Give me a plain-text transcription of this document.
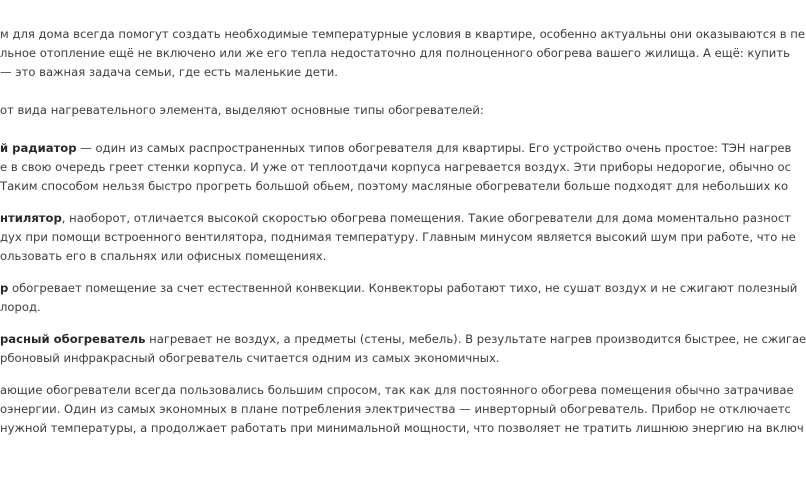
м для дома всегда помогут создать необходимые температурные условия в квартире, особенно актуальны они оказываются в пе
льное отопление ещё не включено или же его тепла недостаточно для полноценного обогрева вашего жилища. А ещё: купить
— это важная задача семьи, где есть маленькие дети.
от вида нагревательного элемента, выделяют основные типы обогревателей:
й радиатор — один из самых распространенных типов обогревателя для квартиры. Его устройство очень простое: ТЭН нагрев
е в свою очередь греет стенки корпуса. И уже от теплоотдачи корпуса нагревается воздух. Эти приборы недорогие, обычно ос
Таким способом нельзя быстро прогреть большой обьем, поэтому масляные обогреватели больше подходят для небольших ко
нтилятор, наоборот, отличается высокой скоростью обогрева помещения. Такие обогреватели для дома моментально разност
дух при помощи встроенного вентилятора, поднимая температуру. Главным минусом является высокий шум при работе, что не
ользовать его в спальнях или офисных помещениях.
р обогревает помещение за счет естественной конвекции. Конвекторы работают тихо, не сушат воздух и не сжигают полезный
лород.
расный обогреватель нагревает не воздух, а предметы (стены, мебель). В результате нагрев производится быстрее, не сжигае
рбоновый инфракрасный обогреватель считается одним из самых экономичных.
ающие обогреватели всегда пользовались большим спросом, так как для постоянного обогрева помещения обычно затрачивае
оэнергии. Один из самых экономных в плане потребления электричества — инверторный обогреватель. Прибор не отключаетс
нужной температуры, а продолжает работать при минимальной мощности, что позволяет не тратить лишнюю энергию на включ
